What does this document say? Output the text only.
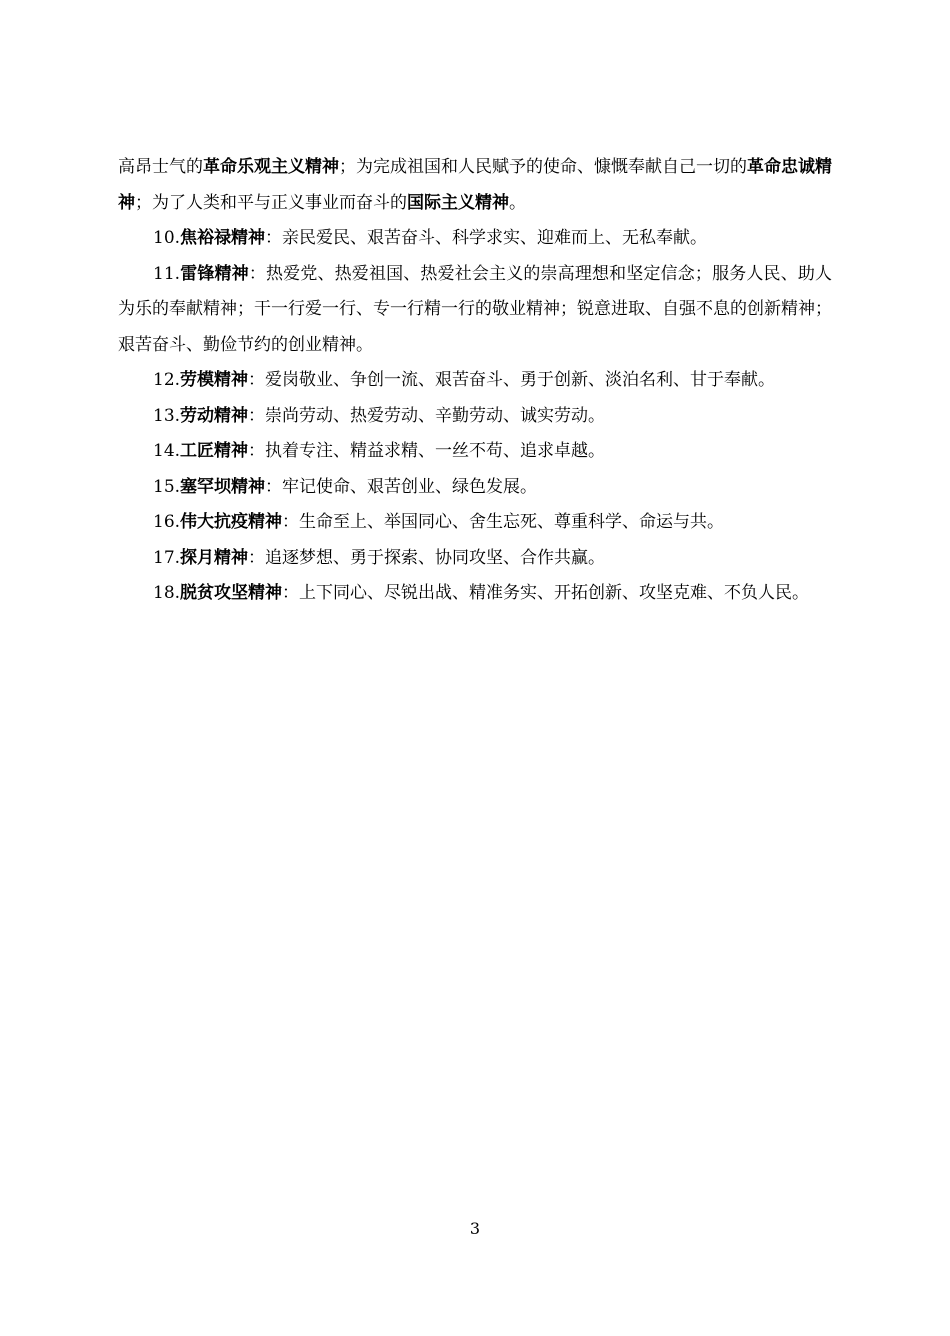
高昂士气的革命乐观主义精神；为完成祖国和人民赋予的使命、慷慨奉献自己一切的革命忠诚精神；为了人类和平与正义事业而奋斗的国际主义精神。

10.焦裕禄精神：亲民爱民、艰苦奋斗、科学求实、迎难而上、无私奉献。

11.雷锋精神：热爱党、热爱祖国、热爱社会主义的崇高理想和坚定信念；服务人民、助人为乐的奉献精神；干一行爱一行、专一行精一行的敬业精神；锐意进取、自强不息的创新精神；艰苦奋斗、勤俭节约的创业精神。

12.劳模精神：爱岗敬业、争创一流、艰苦奋斗、勇于创新、淡泊名利、甘于奉献。

13.劳动精神：崇尚劳动、热爱劳动、辛勤劳动、诚实劳动。

14.工匠精神：执着专注、精益求精、一丝不苟、追求卓越。

15.塞罕坝精神：牢记使命、艰苦创业、绿色发展。

16.伟大抗疫精神：生命至上、举国同心、舍生忘死、尊重科学、命运与共。

17.探月精神：追逐梦想、勇于探索、协同攻坚、合作共赢。

18.脱贫攻坚精神：上下同心、尽锐出战、精准务实、开拓创新、攻坚克难、不负人民。

3
